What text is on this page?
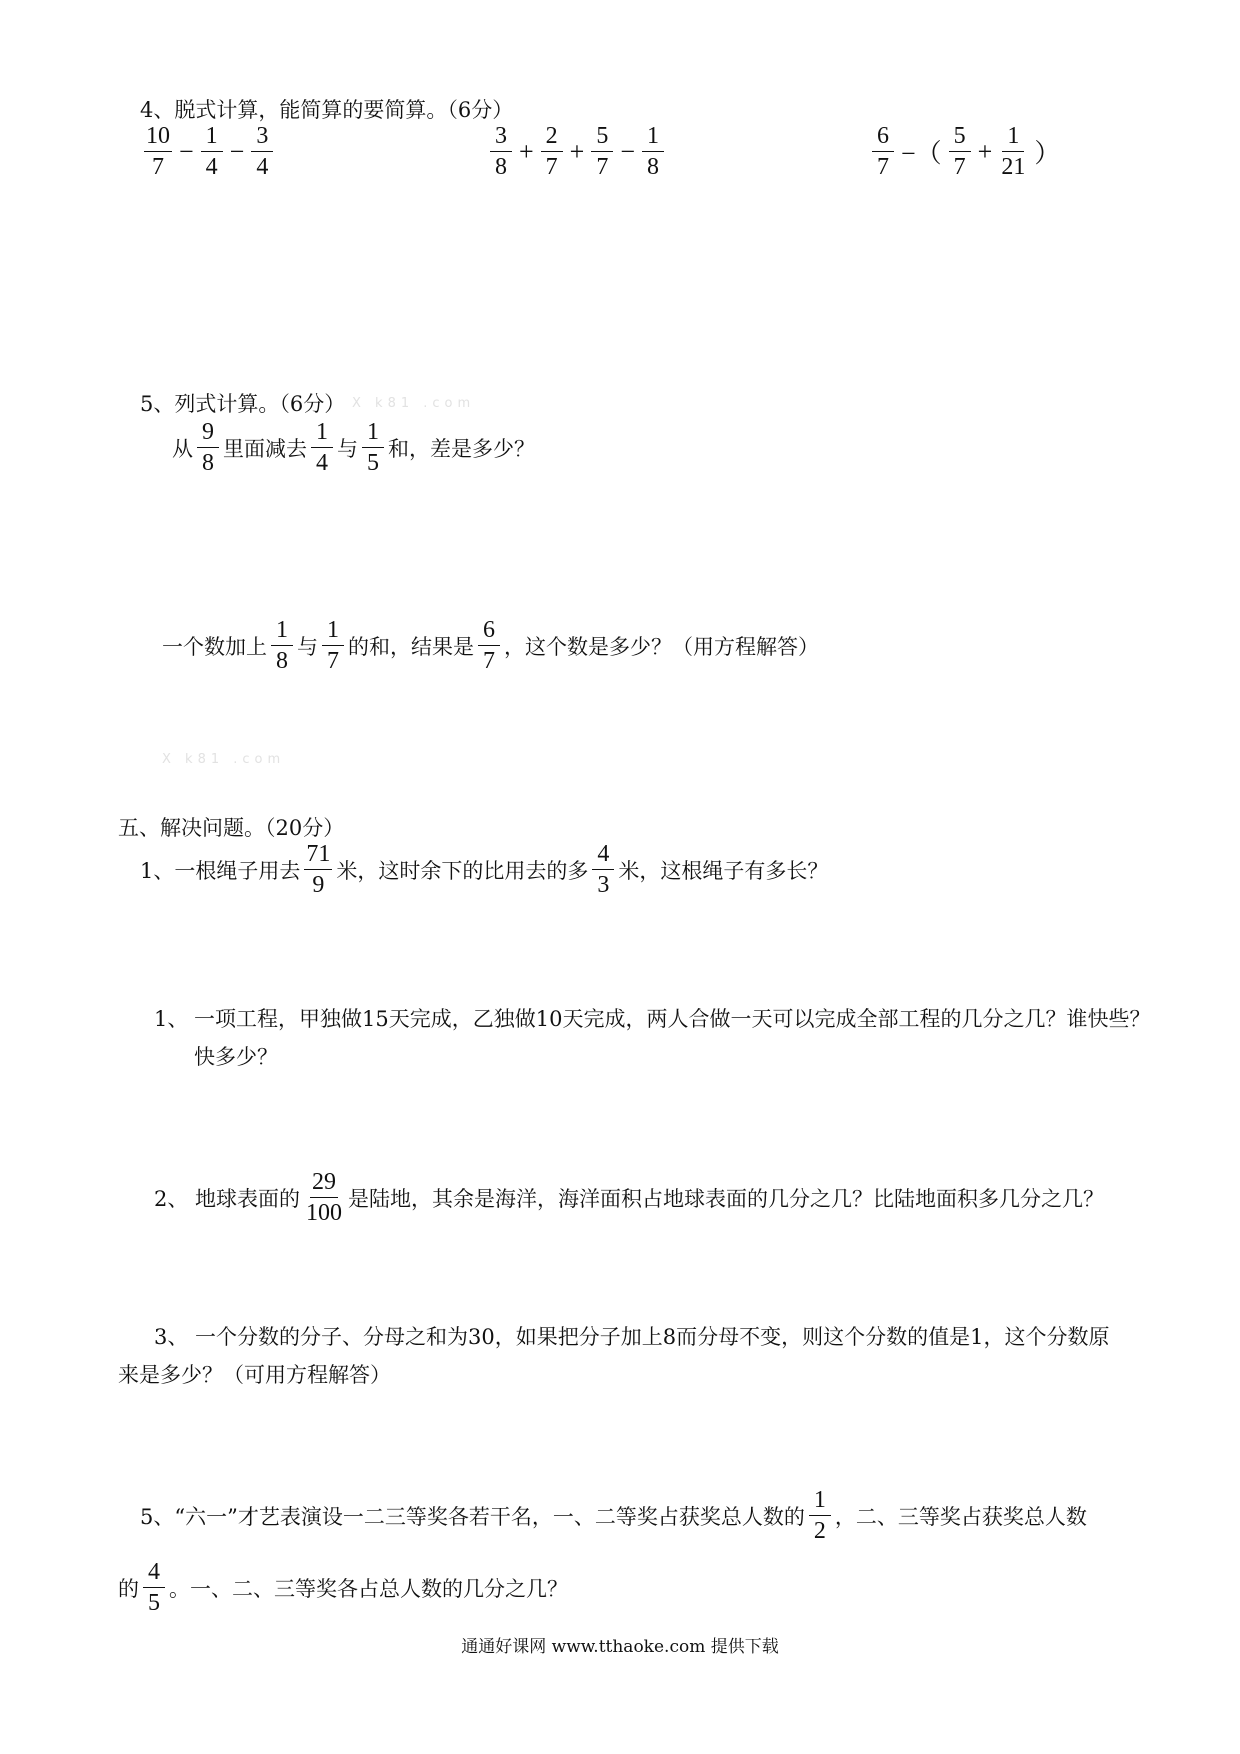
4、脱式计算，能简算的要简算。（6分）
$\frac{10}{7} - \frac{1}{4} - \frac{3}{4}$	$\frac{3}{8} + \frac{2}{7} + \frac{5}{7} - \frac{1}{8}$	$\frac{6}{7}$ −（ $\frac{5}{7} + \frac{1}{21}$ ）
5、列式计算。（6分） X k81 .com
从 $\frac{9}{8}$ 里面减去 $\frac{1}{4}$ 与 $\frac{1}{5}$ 和，差是多少？
一个数加上 $\frac{1}{8}$ 与 $\frac{1}{7}$ 的和，结果是 $\frac{6}{7}$ ，这个数是多少？（用方程解答）
X k81 .com
五、解决问题。（20分）
1、一根绳子用去 $\frac{71}{9}$ 米，这时余下的比用去的多 $\frac{4}{3}$ 米，这根绳子有多长？
1、 一项工程，甲独做15天完成，乙独做10天完成，两人合做一天可以完成全部工程的几分之几？谁快些？快多少？
2、 地球表面的 $\frac{29}{100}$ 是陆地，其余是海洋，海洋面积占地球表面的几分之几？比陆地面积多几分之几？
3、 一个分数的分子、分母之和为30，如果把分子加上8而分母不变，则这个分数的值是1，这个分数原来是多少？（可用方程解答）
5、“六一”才艺表演设一二三等奖各若干名，一、二等奖占获奖总人数的 $\frac{1}{2}$ ，二、三等奖占获奖总人数
的 $\frac{4}{5}$ 。一、二、三等奖各占总人数的几分之几？
通通好课网 www.tthaoke.com 提供下载
